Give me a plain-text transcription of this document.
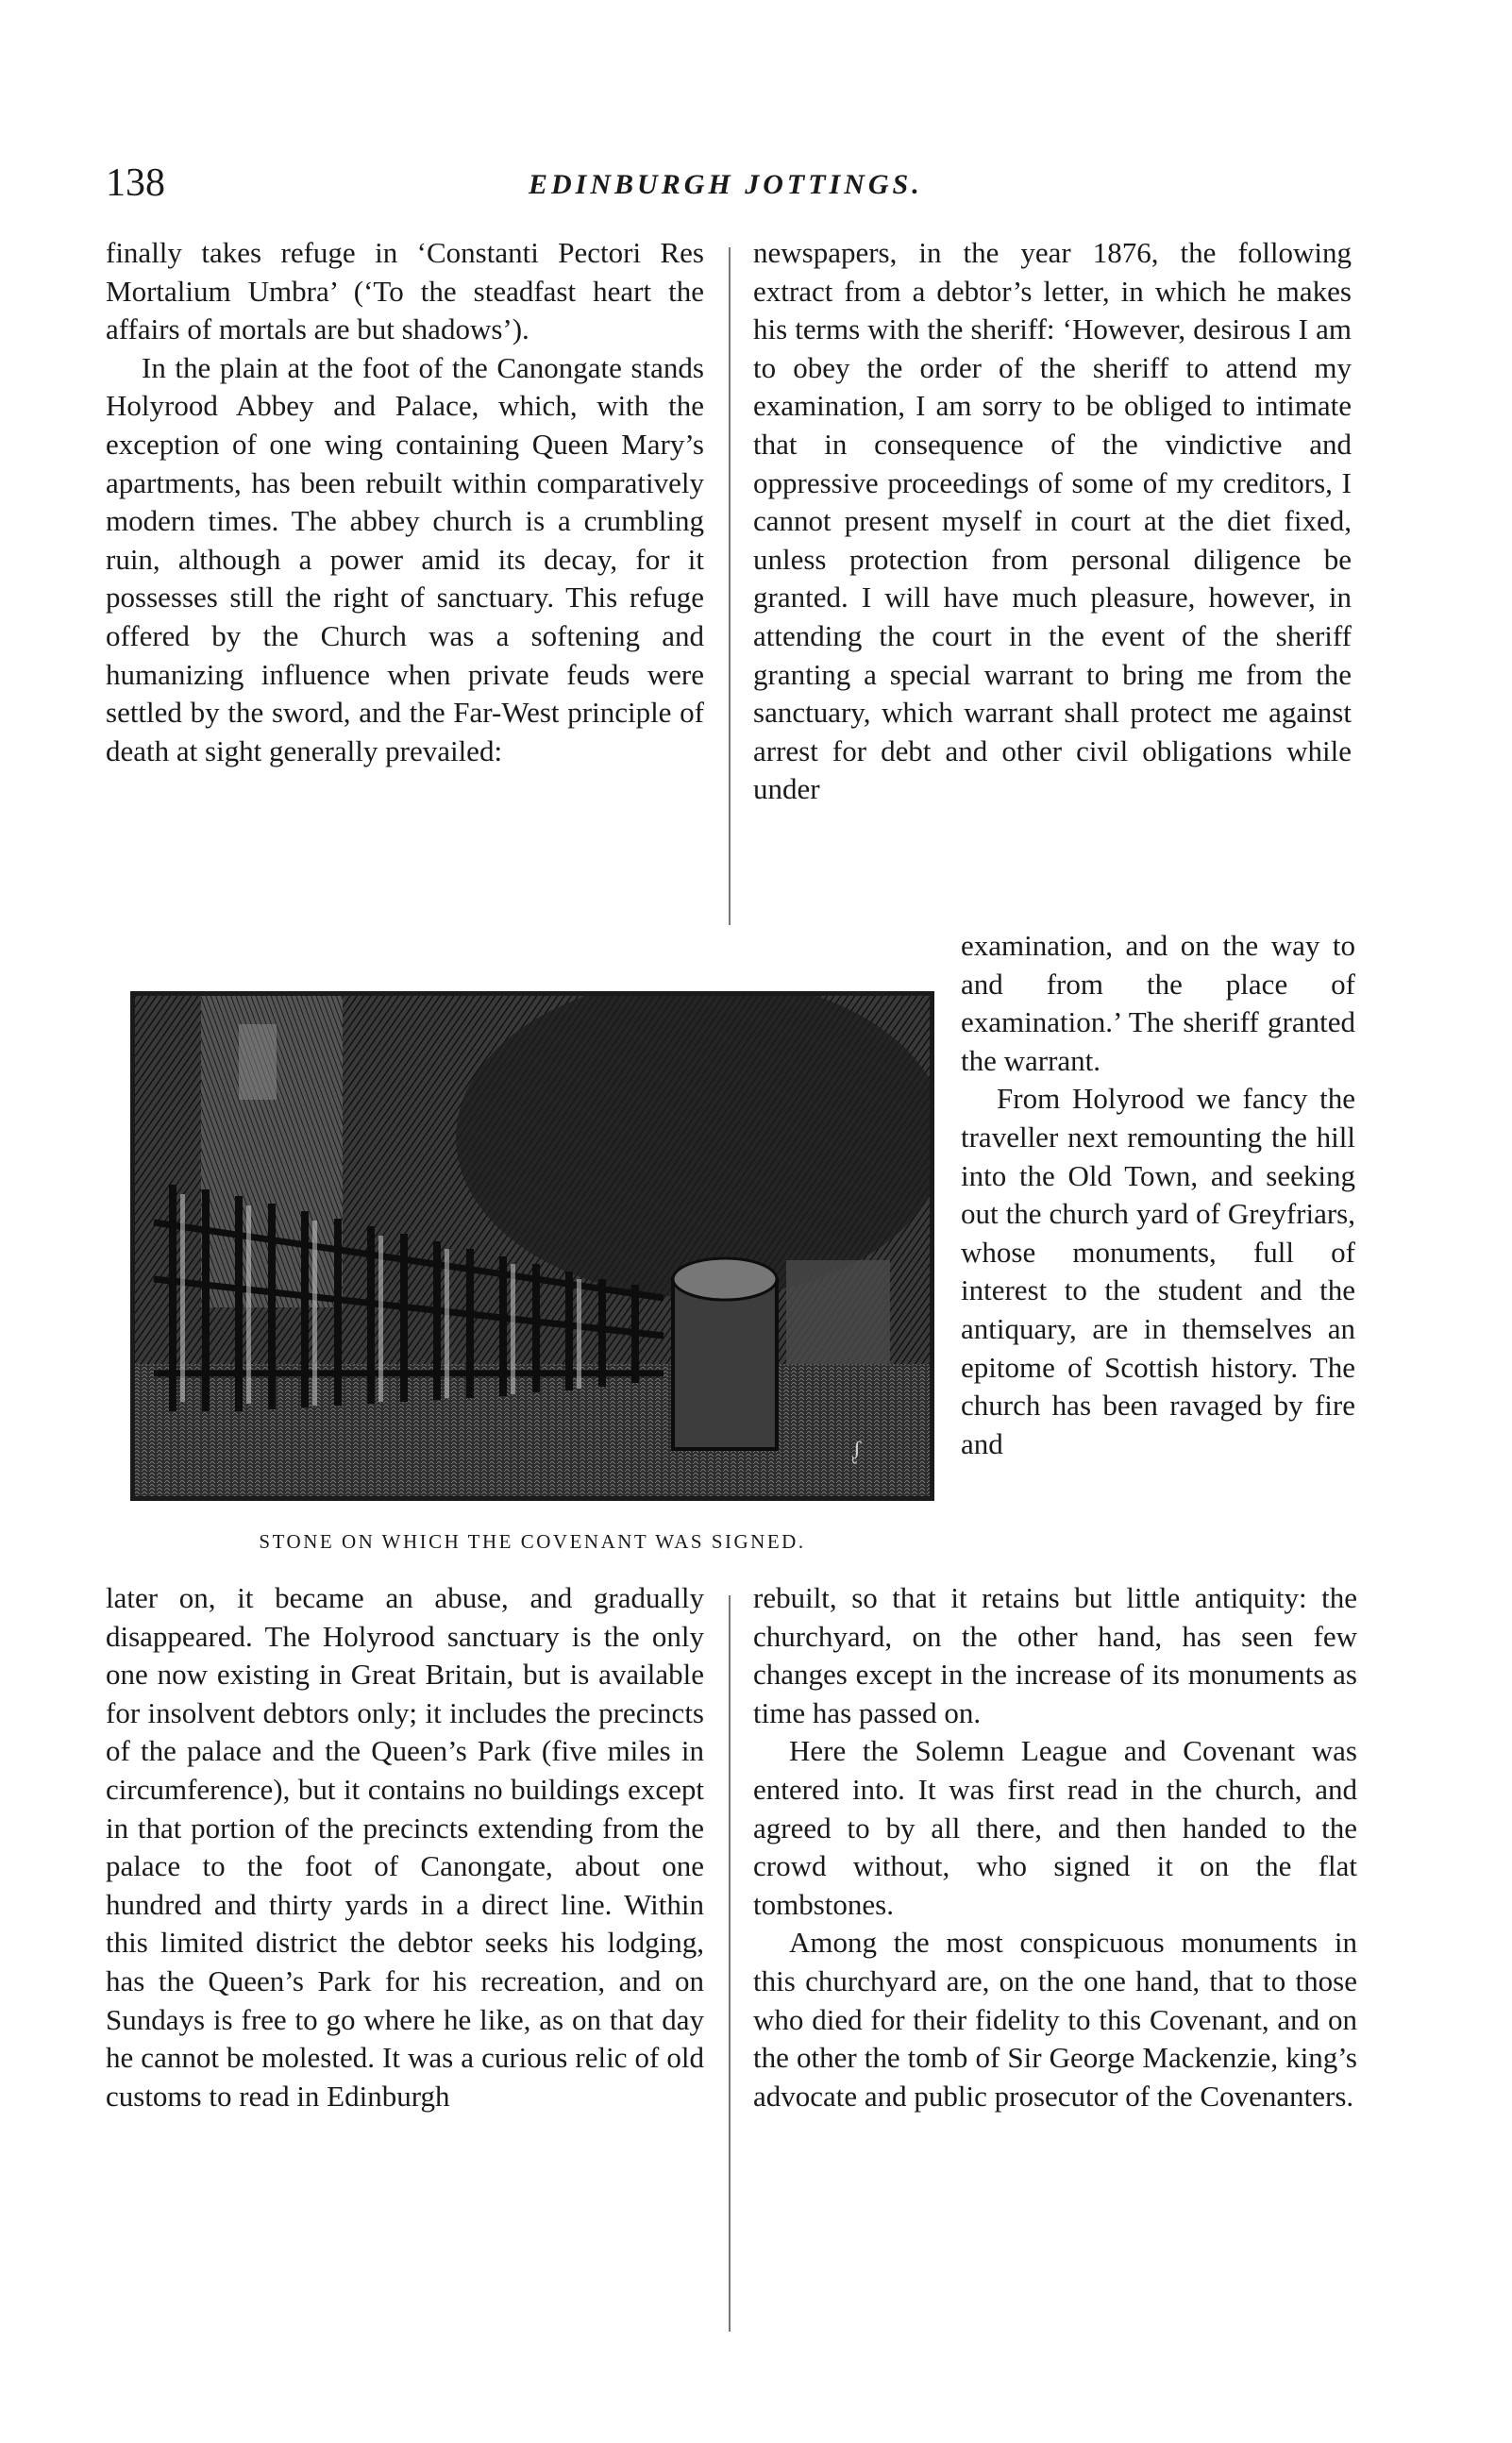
138	EDINBURGH JOTTINGS.

finally takes refuge in ‘Constanti Pectori Res Mortalium Umbra’ (‘To the steadfast heart the affairs of mortals are but shadows’).

In the plain at the foot of the Canongate stands Holyrood Abbey and Palace, which, with the exception of one wing containing Queen Mary’s apartments, has been rebuilt within comparatively modern times. The abbey church is a crumbling ruin, although a power amid its decay, for it possesses still the right of sanctuary. This refuge offered by the Church was a softening and humanizing influence when private feuds were settled by the sword, and the Far-West principle of death at sight generally prevailed:

newspapers, in the year 1876, the following extract from a debtor’s letter, in which he makes his terms with the sheriff: ‘However, desirous I am to obey the order of the sheriff to attend my examination, I am sorry to be obliged to intimate that in consequence of the vindictive and oppressive proceedings of some of my creditors, I cannot present myself in court at the diet fixed, unless protection from personal diligence be granted. I will have much pleasure, however, in attending the court in the event of the sheriff granting a special warrant to bring me from the sanctuary, which warrant shall protect me against arrest for debt and other civil obligations while under

ᶘ
STONE ON WHICH THE COVENANT WAS SIGNED.

examination, and on the way to and from the place of examination.’ The sheriff granted the warrant.

From Holyrood we fancy the traveller next remounting the hill into the Old Town, and seeking out the church yard of Greyfriars, whose monuments, full of interest to the student and the antiquary, are in themselves an epitome of Scottish history. The church has been ravaged by fire and

later on, it became an abuse, and gradually disappeared. The Holyrood sanctuary is the only one now existing in Great Britain, but is available for insolvent debtors only; it includes the precincts of the palace and the Queen’s Park (five miles in circumference), but it contains no buildings except in that portion of the precincts extending from the palace to the foot of Canongate, about one hundred and thirty yards in a direct line. Within this limited district the debtor seeks his lodging, has the Queen’s Park for his recreation, and on Sundays is free to go where he like, as on that day he cannot be molested. It was a curious relic of old customs to read in Edinburgh

rebuilt, so that it retains but little antiquity: the churchyard, on the other hand, has seen few changes except in the increase of its monuments as time has passed on.

Here the Solemn League and Covenant was entered into. It was first read in the church, and agreed to by all there, and then handed to the crowd without, who signed it on the flat tombstones.

Among the most conspicuous monuments in this churchyard are, on the one hand, that to those who died for their fidelity to this Covenant, and on the other the tomb of Sir George Mackenzie, king’s advocate and public prosecutor of the Covenanters.
